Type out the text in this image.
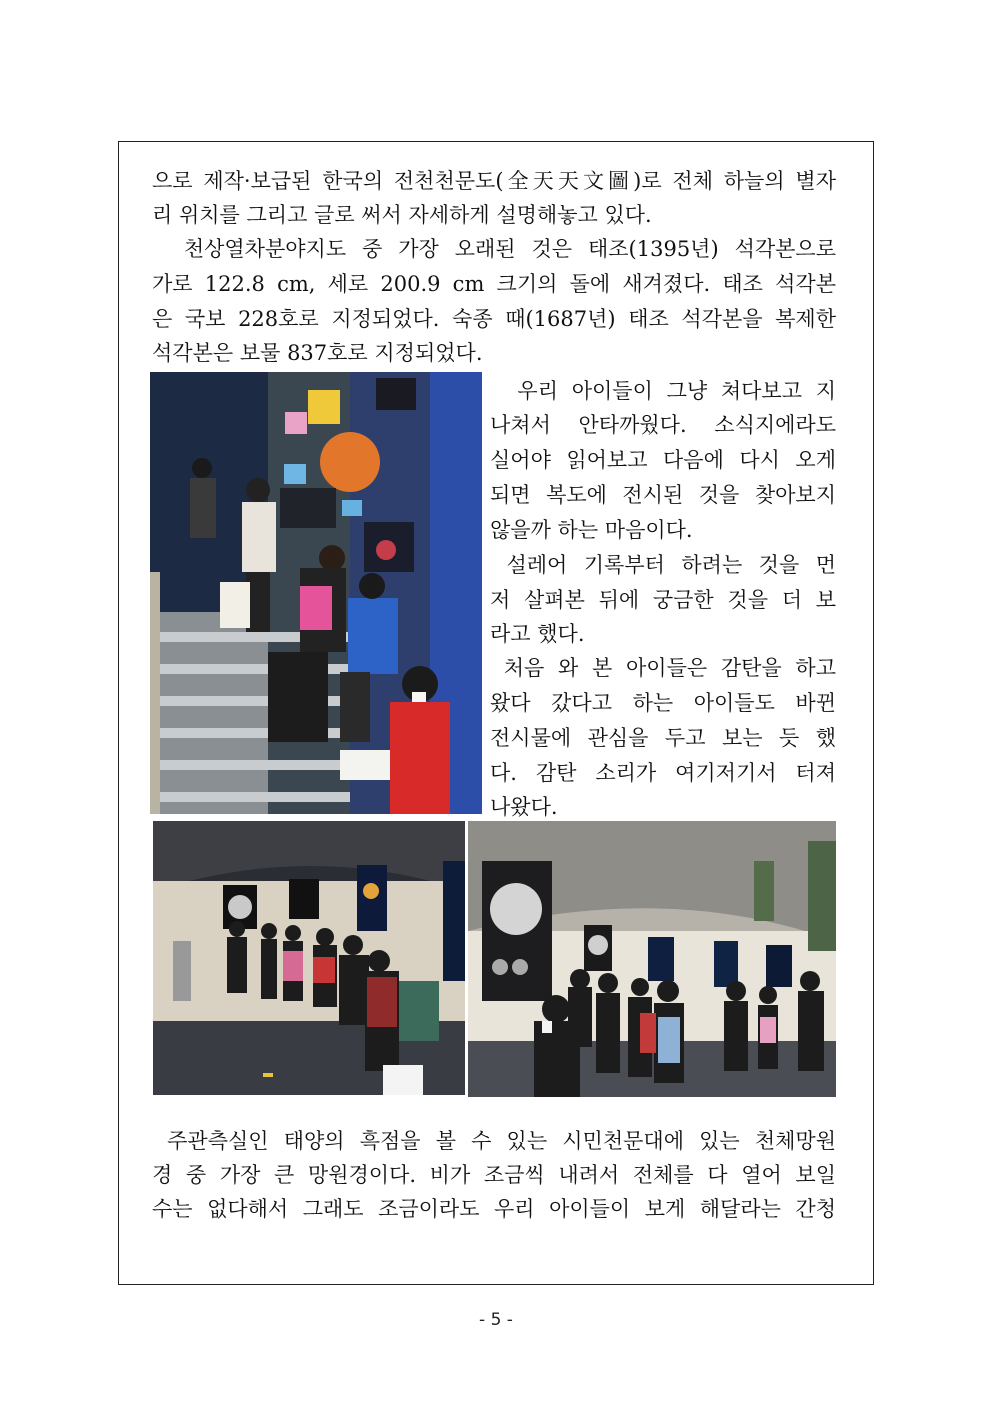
으로 제작·보급된 한국의 전천천문도(全天天文圖)로 전체 하늘의 별자
리 위치를 그리고 글로 써서 자세하게 설명해놓고 있다.
천상열차분야지도 중 가장 오래된 것은 태조(1395년) 석각본으로
가로 122.8 cm, 세로 200.9 cm 크기의 돌에 새겨졌다. 태조 석각본
은 국보 228호로 지정되었다. 숙종 때(1687년) 태조 석각본을 복제한
석각본은 보물 837호로 지정되었다.
우리 아이들이 그냥 쳐다보고 지
나쳐서 안타까웠다. 소식지에라도
실어야 읽어보고 다음에 다시 오게
되면 복도에 전시된 것을 찾아보지
않을까 하는 마음이다.
설레어 기록부터 하려는 것을 먼
저 살펴본 뒤에 궁금한 것을 더 보
라고 했다.
처음 와 본 아이들은 감탄을 하고
왔다 갔다고 하는 아이들도 바뀐
전시물에 관심을 두고 보는 듯 했
다. 감탄 소리가 여기저기서 터져
나왔다.
주관측실인 태양의 흑점을 볼 수 있는 시민천문대에 있는 천체망원
경 중 가장 큰 망원경이다. 비가 조금씩 내려서 전체를 다 열어 보일
수는 없다해서 그래도 조금이라도 우리 아이들이 보게 해달라는 간청
- 5 -
